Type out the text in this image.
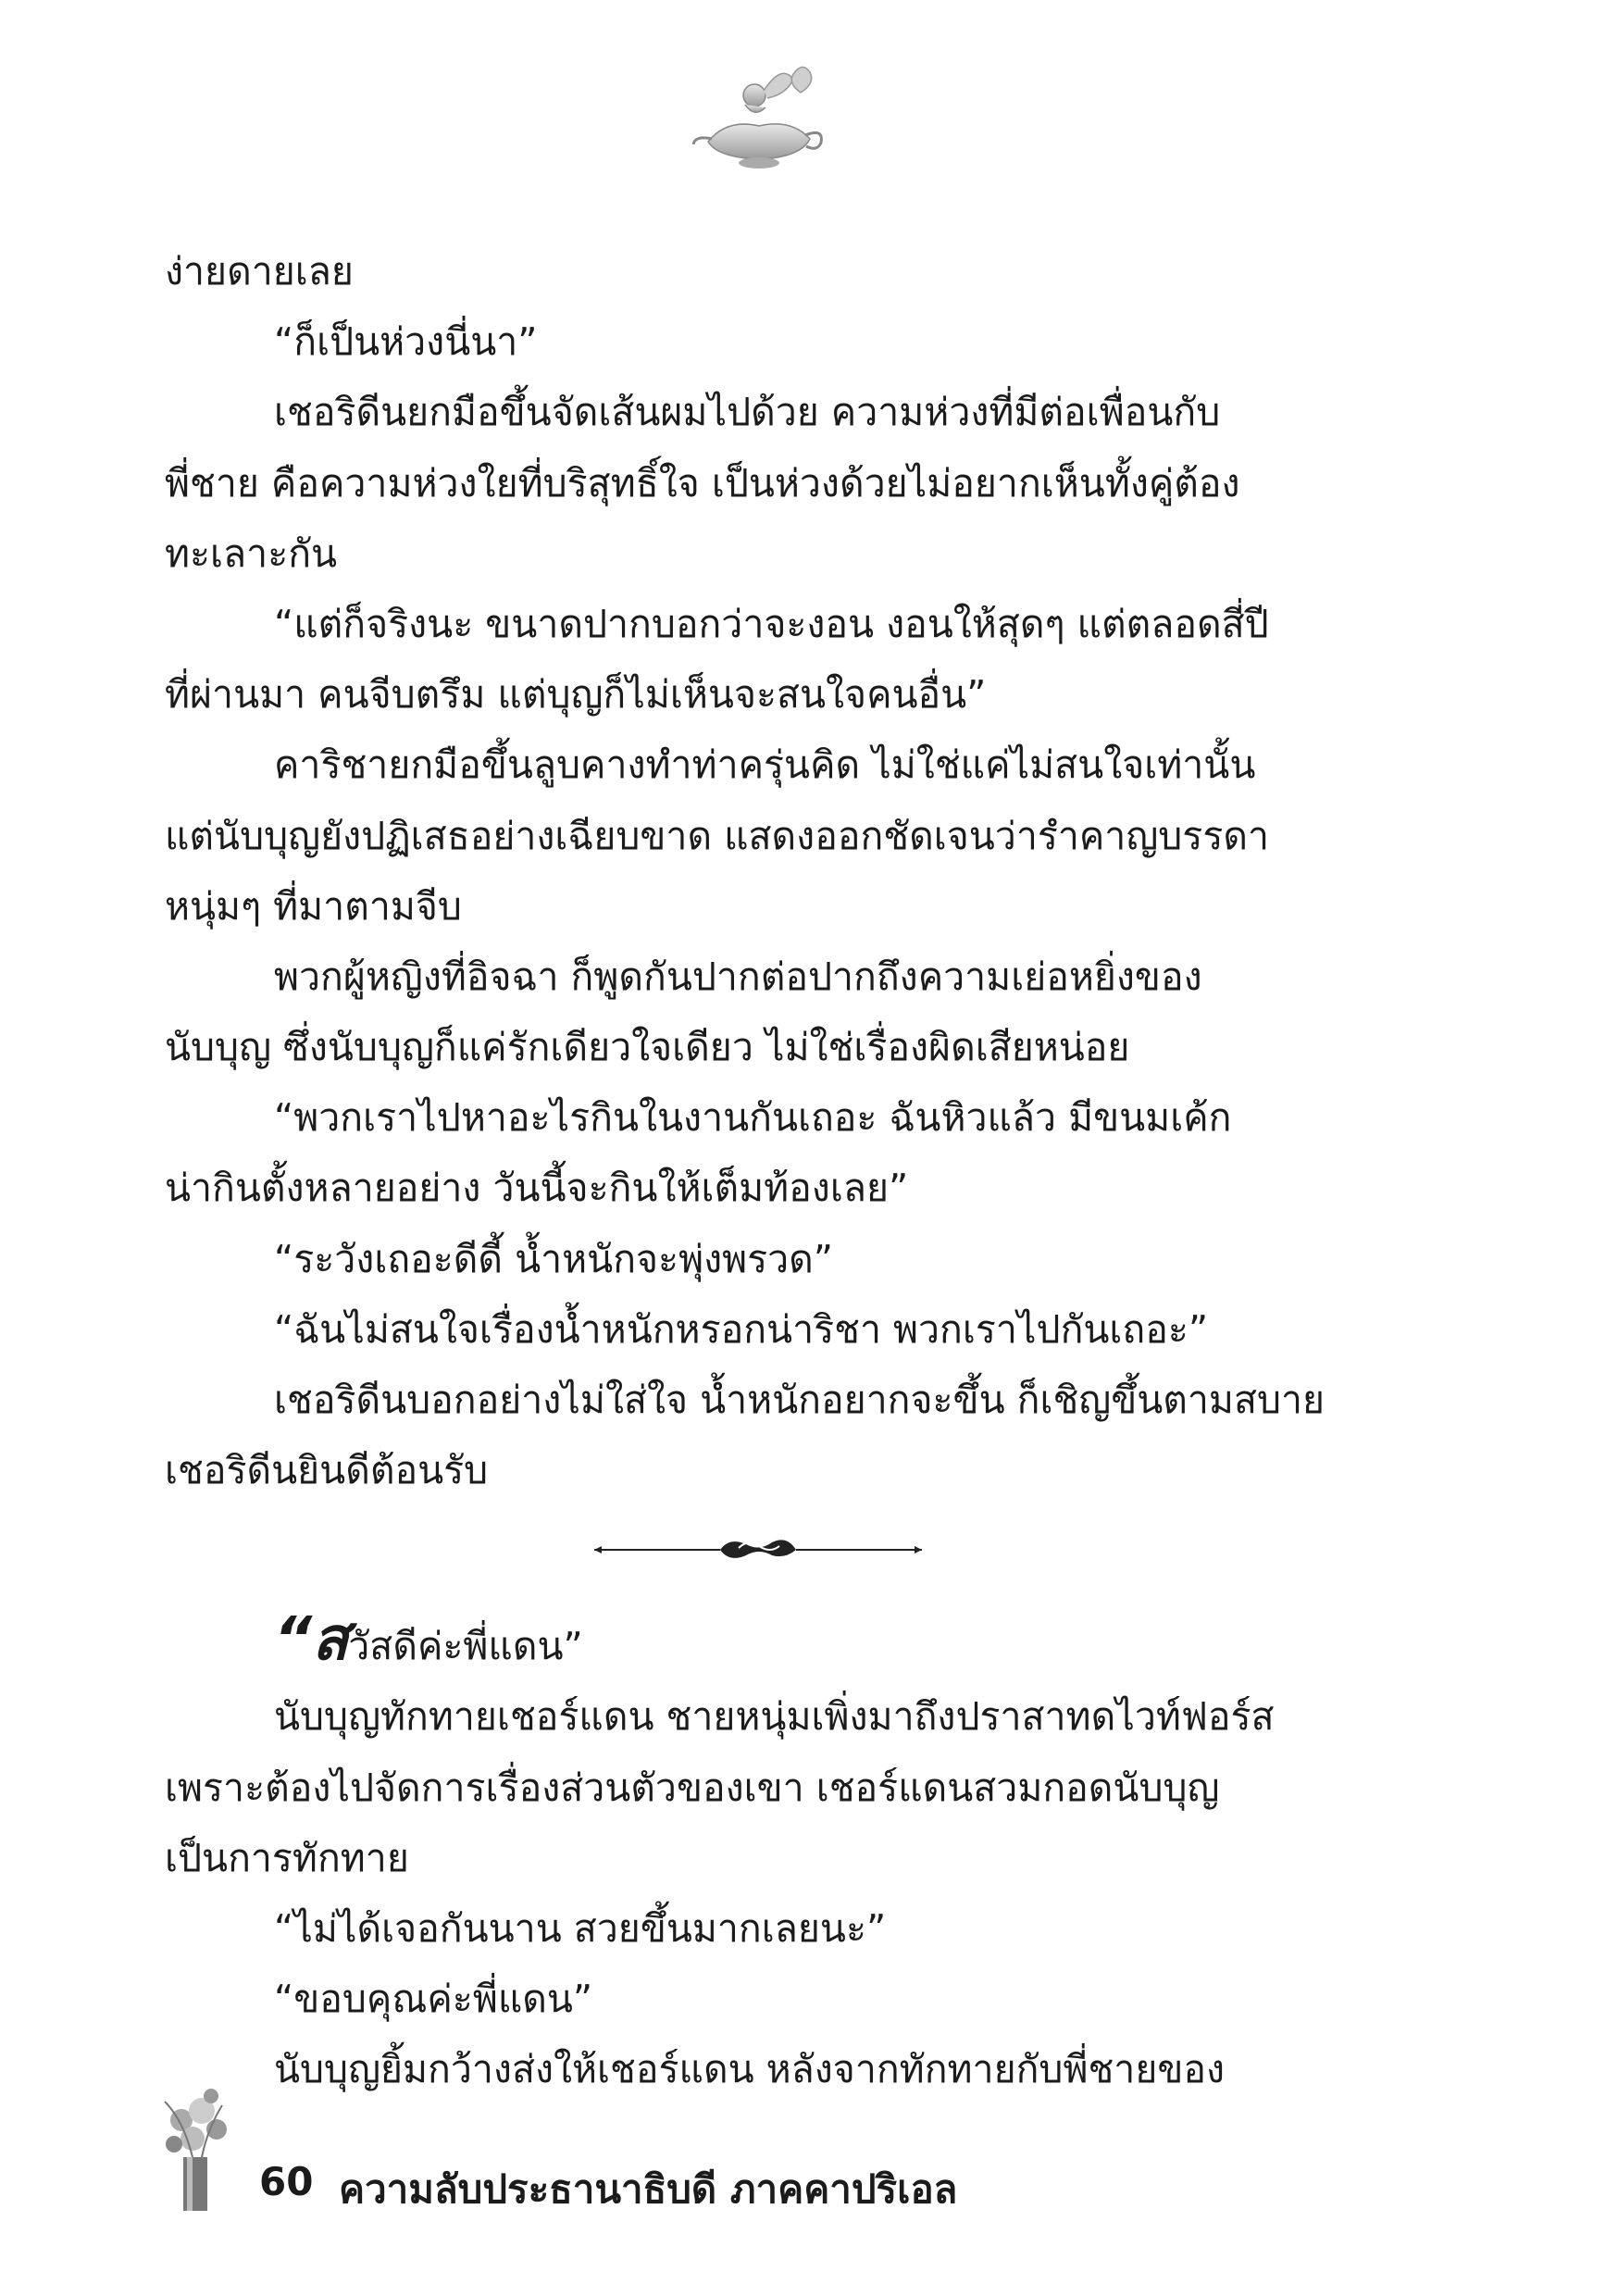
ง่ายดายเลย
“ก็เป็นห่วงนี่นา”
เชอริดีนยกมือขึ้นจัดเส้นผมไปด้วย ความห่วงที่มีต่อเพื่อนกับ
พี่ชาย คือความห่วงใยที่บริสุทธิ์ใจ เป็นห่วงด้วยไม่อยากเห็นทั้งคู่ต้อง
ทะเลาะกัน
“แต่ก็จริงนะ ขนาดปากบอกว่าจะงอน งอนให้สุดๆ แต่ตลอดสี่ปี
ที่ผ่านมา คนจีบตรึม แต่บุญก็ไม่เห็นจะสนใจคนอื่น”
คาริชายกมือขึ้นลูบคางทำท่าครุ่นคิด ไม่ใช่แค่ไม่สนใจเท่านั้น
แต่นับบุญยังปฏิเสธอย่างเฉียบขาด แสดงออกชัดเจนว่ารำคาญบรรดา
หนุ่มๆ ที่มาตามจีบ
พวกผู้หญิงที่อิจฉา ก็พูดกันปากต่อปากถึงความเย่อหยิ่งของ
นับบุญ ซึ่งนับบุญก็แค่รักเดียวใจเดียว ไม่ใช่เรื่องผิดเสียหน่อย
“พวกเราไปหาอะไรกินในงานกันเถอะ ฉันหิวแล้ว มีขนมเค้ก
น่ากินตั้งหลายอย่าง วันนี้จะกินให้เต็มท้องเลย”
“ระวังเถอะดีดี้ น้ำหนักจะพุ่งพรวด”
“ฉันไม่สนใจเรื่องน้ำหนักหรอกน่าริชา พวกเราไปกันเถอะ”
เชอริดีนบอกอย่างไม่ใส่ใจ น้ำหนักอยากจะขึ้น ก็เชิญขึ้นตามสบาย
เชอริดีนยินดีต้อนรับ
“สวัสดีค่ะพี่แดน”
นับบุญทักทายเชอร์แดน ชายหนุ่มเพิ่งมาถึงปราสาทดไวท์ฟอร์ส
เพราะต้องไปจัดการเรื่องส่วนตัวของเขา เชอร์แดนสวมกอดนับบุญ
เป็นการทักทาย
“ไม่ได้เจอกันนาน สวยขึ้นมากเลยนะ”
“ขอบคุณค่ะพี่แดน”
นับบุญยิ้มกว้างส่งให้เชอร์แดน หลังจากทักทายกับพี่ชายของ
60 ความลับประธานาธิบดี ภาคคาปริเอล
